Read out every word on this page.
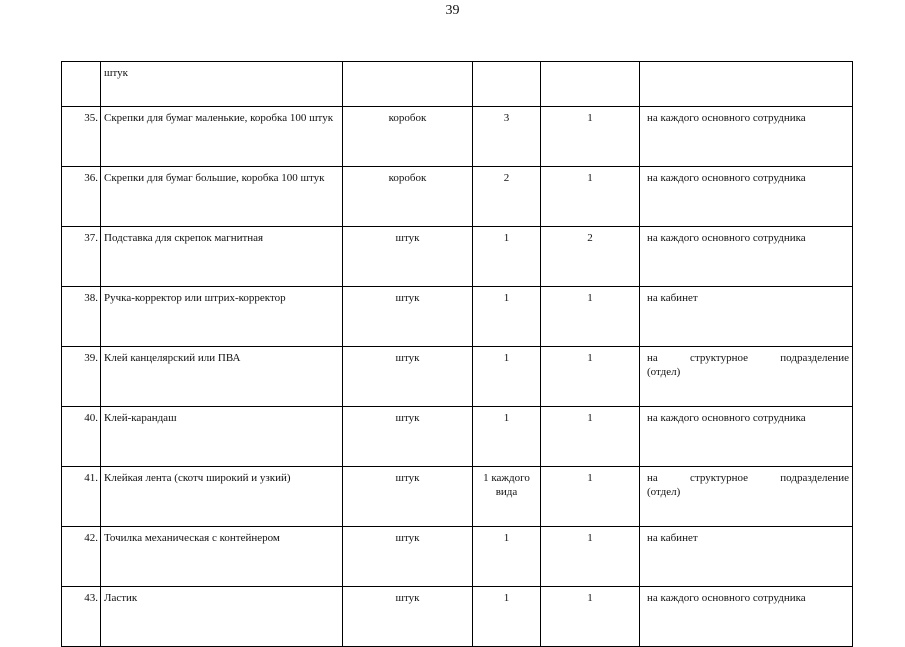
39
	штук				
35.	Скрепки для бумаг маленькие, коробка 100 штук	коробок	3	1	на каждого основного сотрудника
36.	Скрепки для бумаг большие, коробка 100 штук	коробок	2	1	на каждого основного сотрудника
37.	Подставка для скрепок магнитная	штук	1	2	на каждого основного сотрудника
38.	Ручка-корректор или штрих-корректор	штук	1	1	на кабинет
39.	Клей канцелярский или ПВА	штук	1	1	на структурное подразделение
(отдел)

40.	Клей-карандаш	штук	1	1	на каждого основного сотрудника
41.	Клейкая лента (скотч широкий и узкий)	штук	1 каждого вида	1	на структурное подразделение
(отдел)

42.	Точилка механическая с контейнером	штук	1	1	на кабинет
43.	Ластик	штук	1	1	на каждого основного сотрудника
